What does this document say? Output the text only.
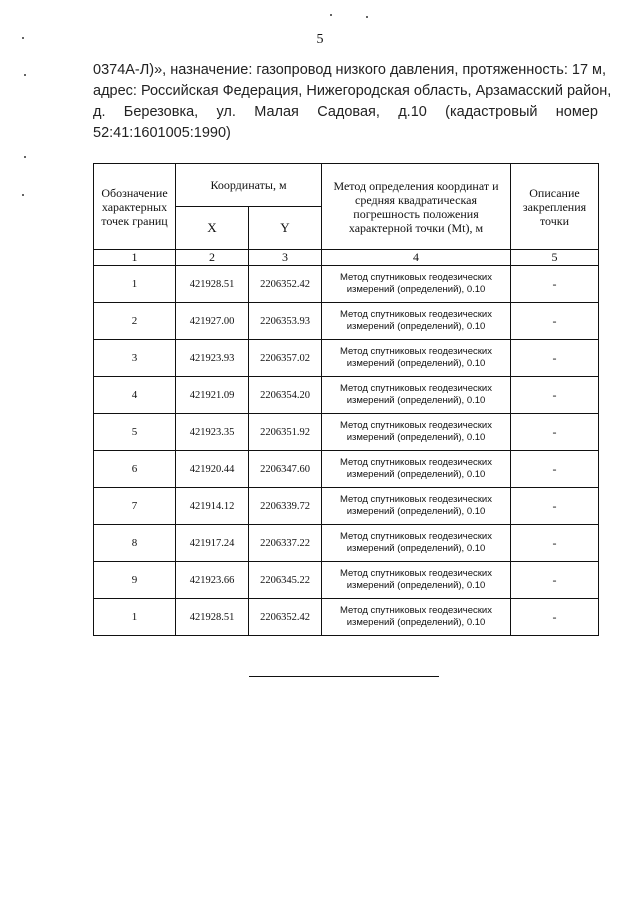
5
0374А-Л)», назначение: газопровод низкого давления, протяженность: 17 м,
адрес: Российская Федерация, Нижегородская область, Арзамасский район,
д. Березовка, ул. Малая Садовая, д.10 (кадастровый номер
52:41:1601005:1990)
Обозначение характерных точек границ	Координаты, м		Метод определения координат и средняя квадратическая погрешность положения характерной точки (Mt), м	Описание закрепления точки
	X	Y		
1	2	3	4	5
1	421928.51	2206352.42	Метод спутниковых геодезических измерений (определений), 0.10	-
2	421927.00	2206353.93	Метод спутниковых геодезических измерений (определений), 0.10	-
3	421923.93	2206357.02	Метод спутниковых геодезических измерений (определений), 0.10	-
4	421921.09	2206354.20	Метод спутниковых геодезических измерений (определений), 0.10	-
5	421923.35	2206351.92	Метод спутниковых геодезических измерений (определений), 0.10	-
6	421920.44	2206347.60	Метод спутниковых геодезических измерений (определений), 0.10	-
7	421914.12	2206339.72	Метод спутниковых геодезических измерений (определений), 0.10	-
8	421917.24	2206337.22	Метод спутниковых геодезических измерений (определений), 0.10	-
9	421923.66	2206345.22	Метод спутниковых геодезических измерений (определений), 0.10	-
1	421928.51	2206352.42	Метод спутниковых геодезических измерений (определений), 0.10	-
